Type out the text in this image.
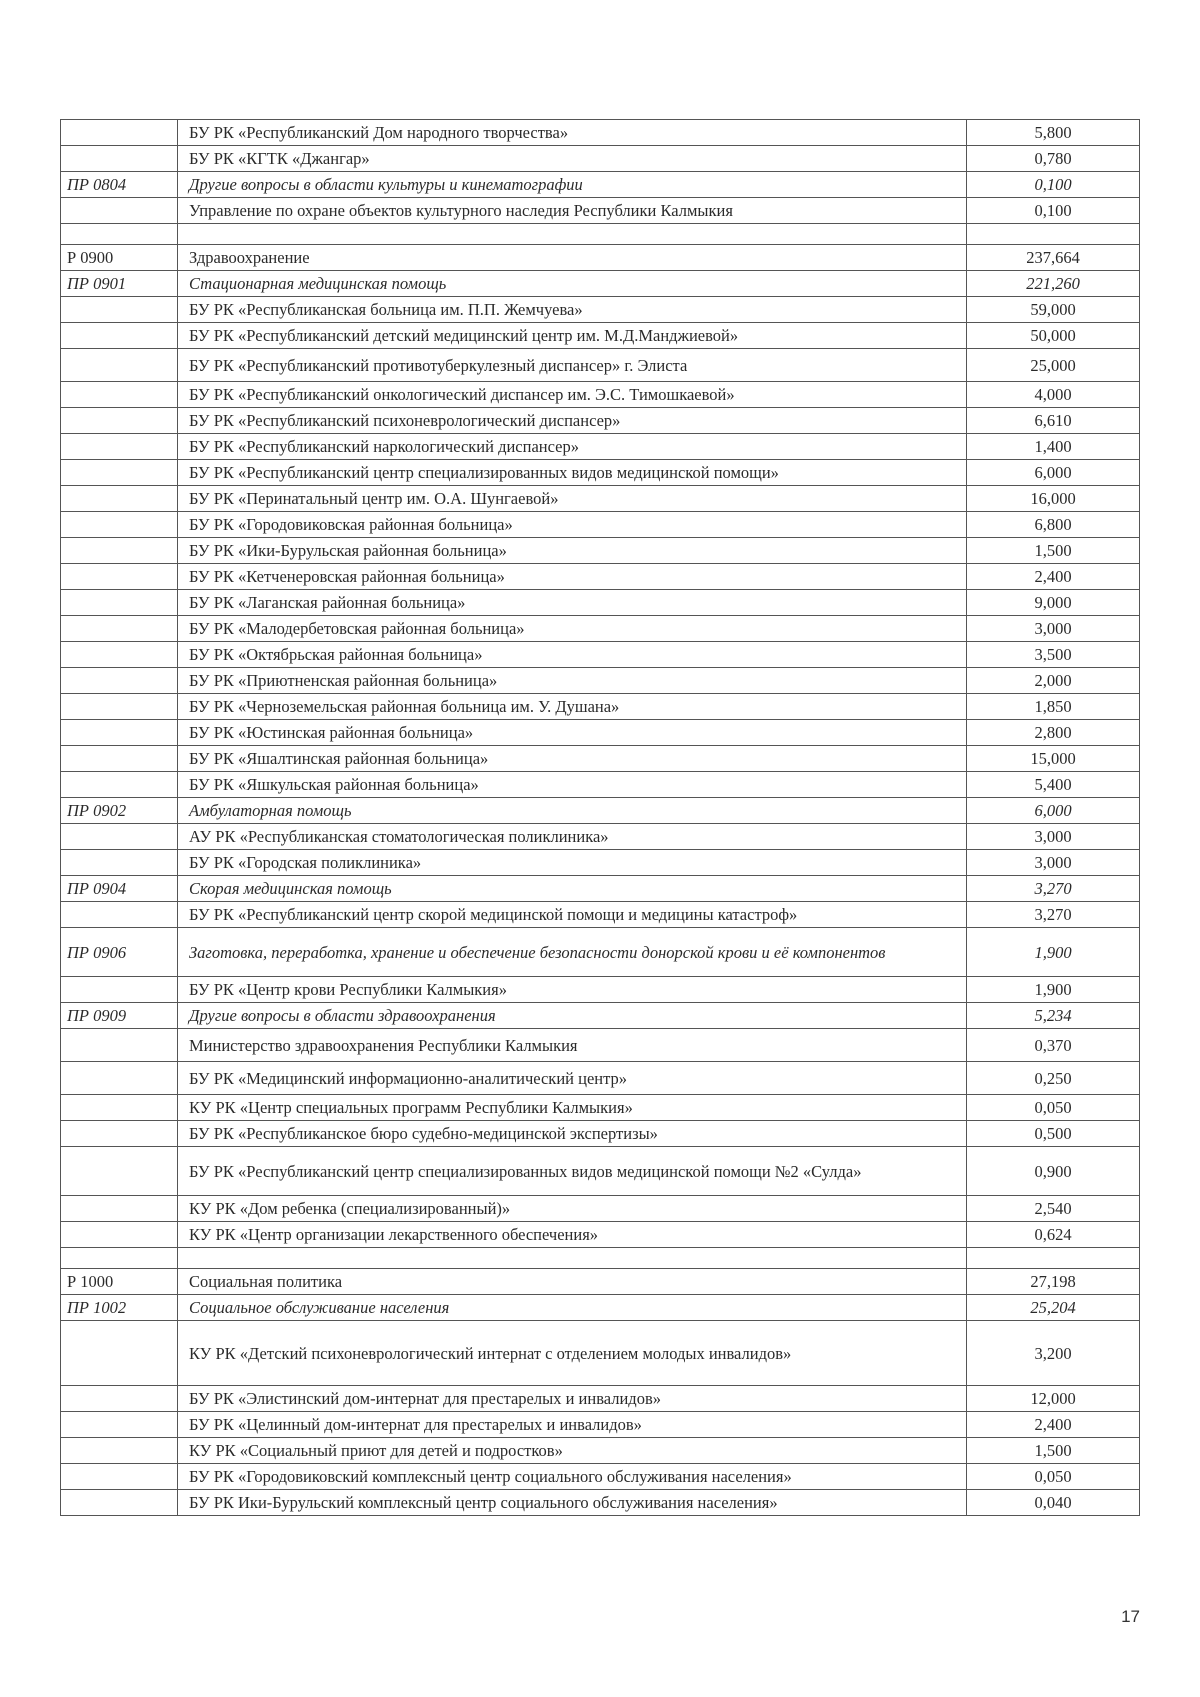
	БУ РК «Республиканский Дом народного творчества»	5,800
	БУ РК «КГТК «Джангар»	0,780
ПР 0804	Другие вопросы в области культуры и кинематографии	0,100
	Управление по охране объектов культурного наследия Республики Калмыкия	0,100

Р 0900	Здравоохранение	237,664
ПР 0901	Стационарная медицинская помощь	221,260
	БУ РК «Республиканская больница им. П.П. Жемчуева»	59,000
	БУ РК «Республиканский детский медицинский центр им. М.Д.Манджиевой»	50,000
	БУ РК «Республиканский противотуберкулезный диспансер» г. Элиста	25,000
	БУ РК «Республиканский онкологический диспансер им. Э.С. Тимошкаевой»	4,000
	БУ РК «Республиканский психоневрологический диспансер»	6,610
	БУ РК «Республиканский наркологический диспансер»	1,400
	БУ РК «Республиканский центр специализированных видов медицинской помощи»	6,000
	БУ РК «Перинатальный центр им. О.А. Шунгаевой»	16,000
	БУ РК «Городовиковская районная больница»	6,800
	БУ РК «Ики-Бурульская районная больница»	1,500
	БУ РК «Кетченеровская районная больница»	2,400
	БУ РК «Лаганская районная больница»	9,000
	БУ РК «Малодербетовская районная больница»	3,000
	БУ РК «Октябрьская районная больница»	3,500
	БУ РК «Приютненская районная больница»	2,000
	БУ РК «Черноземельская районная больница им. У. Душана»	1,850
	БУ РК «Юстинская районная больница»	2,800
	БУ РК «Яшалтинская районная больница»	15,000
	БУ РК «Яшкульская районная больница»	5,400
ПР 0902	Амбулаторная помощь	6,000
	АУ РК «Республиканская стоматологическая поликлиника»	3,000
	БУ РК «Городская поликлиника»	3,000
ПР 0904	Скорая медицинская помощь	3,270
	БУ РК «Республиканский центр скорой медицинской помощи и медицины катастроф»	3,270
ПР 0906	Заготовка, переработка, хранение и обеспечение безопасности донорской крови и её компонентов	1,900
	БУ РК «Центр крови Республики Калмыкия»	1,900
ПР 0909	Другие вопросы в области здравоохранения	5,234
	Министерство здравоохранения Республики Калмыкия	0,370
	БУ РК «Медицинский информационно-аналитический центр»	0,250
	КУ РК «Центр специальных программ Республики Калмыкия»	0,050
	БУ РК «Республиканское бюро судебно-медицинской экспертизы»	0,500
	БУ РК «Республиканский центр специализированных видов медицинской помощи №2 «Сулда»	0,900
	КУ РК «Дом ребенка (специализированный)»	2,540
	КУ РК «Центр организации лекарственного обеспечения»	0,624

Р 1000	Социальная политика	27,198
ПР 1002	Социальное обслуживание населения	25,204
	КУ РК «Детский психоневрологический интернат с отделением молодых инвалидов»	3,200
	БУ РК «Элистинский дом-интернат для престарелых и инвалидов»	12,000
	БУ РК «Целинный дом-интернат для престарелых и инвалидов»	2,400
	КУ РК «Социальный приют для детей и подростков»	1,500
	БУ РК «Городовиковский комплексный центр социального обслуживания населения»	0,050
	БУ РК Ики-Бурульский комплексный центр социального обслуживания населения»	0,040
17
